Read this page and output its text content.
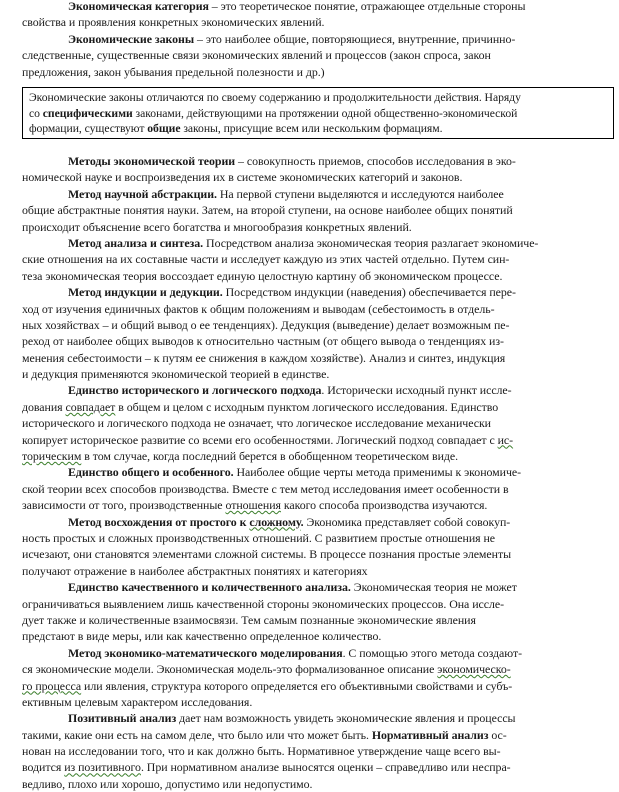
Экономическая категория – это теоретическое понятие, отражающее отдельные стороны
свойства и проявления конкретных экономических явлений.
Экономические законы – это наиболее общие, повторяющиеся, внутренние, причинно-
следственные, существенные связи экономических явлений и процессов (закон спроса, закон
предложения, закон убывания предельной полезности и др.)
Экономические законы отличаются по своему содержанию и продолжительности действия. Наряду
со специфическими законами, действующими на протяжении одной общественно-экономической
формации, существуют общие законы, присущие всем или нескольким формациям.
Методы экономической теории – совокупность приемов, способов исследования в эко-
номической науке и воспроизведения их в системе экономических категорий и законов.
Метод научной абстракции. На первой ступени выделяются и исследуются наиболее
общие абстрактные понятия науки. Затем, на второй ступени, на основе наиболее общих понятий
происходит объяснение всего богатства и многообразия конкретных явлений.
Метод анализа и синтеза. Посредством анализа экономическая теория разлагает экономиче-
ские отношения на их составные части и исследует каждую из этих частей отдельно. Путем син-
теза экономическая теория воссоздает единую целостную картину об экономическом процессе.
Метод индукции и дедукции. Посредством индукции (наведения) обеспечивается пере-
ход от изучения единичных фактов к общим положениям и выводам (себестоимость в отдель-
ных хозяйствах – и общий вывод о ее тенденциях). Дедукция (выведение) делает возможным пе-
реход от наиболее общих выводов к относительно частным (от общего вывода о тенденциях из-
менения себестоимости – к путям ее снижения в каждом хозяйстве). Анализ и синтез, индукция
и дедукция применяются экономической теорией в единстве.
Единство исторического и логического подхода. Исторически исходный пункт иссле-
дования совпадает в общем и целом с исходным пунктом логического исследования. Единство
исторического и логического подхода не означает, что логическое исследование механически
копирует историческое развитие со всеми его особенностями. Логический подход совпадает с ис-
торическим в том случае, когда последний берется в обобщенном теоретическом виде.
Единство общего и особенного. Наиболее общие черты метода применимы к экономиче-
ской теории всех способов производства. Вместе с тем метод исследования имеет особенности в
зависимости от того, производственные отношения какого способа производства изучаются.
Метод восхождения от простого к сложному. Экономика представляет собой совокуп-
ность простых и сложных производственных отношений. С развитием простые отношения не
исчезают, они становятся элементами сложной системы. В процессе познания простые элементы
получают отражение в наиболее абстрактных понятиях и категориях
Единство качественного и количественного анализа. Экономическая теория не может
ограничиваться выявлением лишь качественной стороны экономических процессов. Она иссле-
дует также и количественные взаимосвязи. Тем самым познанные экономические явления
предстают в виде меры, или как качественно определенное количество.
Метод экономико-математического моделирования. С помощью этого метода создают-
ся экономические модели. Экономическая модель-это формализованное описание экономическо-
го процесса или явления, структура которого определяется его объективными свойствами и субъ-
ективным целевым характером исследования.
Позитивный анализ дает нам возможность увидеть экономические явления и процессы
такими, какие они есть на самом деле, что было или что может быть. Нормативный анализ ос-
нован на исследовании того, что и как должно быть. Нормативное утверждение чаще всего вы-
водится из позитивного. При нормативном анализе выносятся оценки – справедливо или неспра-
ведливо, плохо или хорошо, допустимо или недопустимо.
